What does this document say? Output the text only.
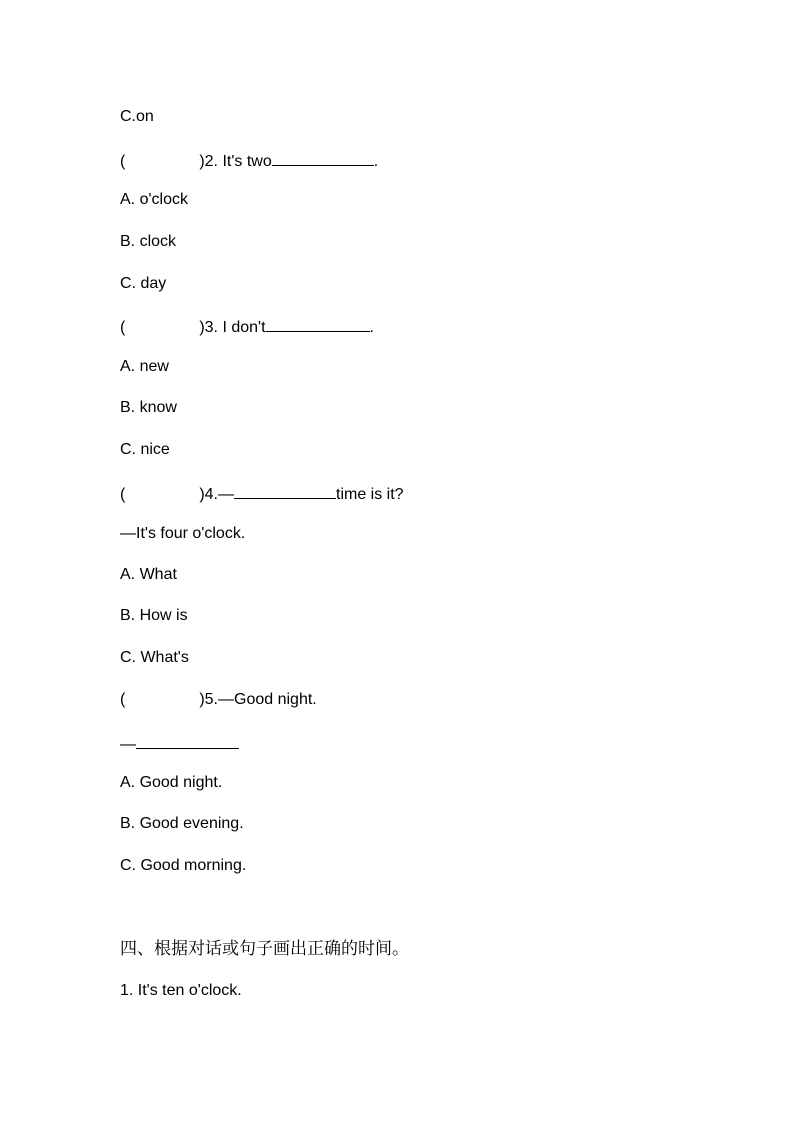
C.on
(	)2. It's two	.
A. o'clock
B. clock
C. day
(	)3. I don't	.
A. new
B. know
C. nice
(	)4.—	time is it?
—It's four o'clock.
A. What
B. How is
C. What's
(	)5.—Good night.
—
A. Good night.
B. Good evening.
C. Good morning.
四、根据对话或句子画出正确的时间。
1. It's ten o'clock.
